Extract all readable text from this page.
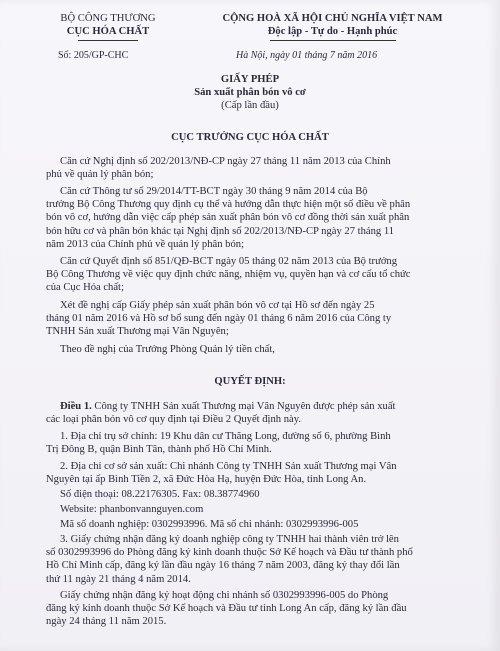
BỘ CÔNG THƯƠNG
CỤC HÓA CHẤT
Số: 205/GP-CHC
CỘNG HOÀ XÃ HỘI CHỦ NGHĨA VIỆT NAM
Độc lập - Tự do - Hạnh phúc
Hà Nội, ngày 01 tháng 7 năm 2016
GIẤY PHÉP
Sản xuất phân bón vô cơ
(Cấp lần đầu)
CỤC TRƯỞNG CỤC HÓA CHẤT
Căn cứ Nghị định số 202/2013/NĐ-CP ngày 27 tháng 11 năm 2013 của Chính
phủ về quản lý phân bón;
Căn cứ Thông tư số 29/2014/TT-BCT ngày 30 tháng 9 năm 2014 của Bộ
trưởng Bộ Công Thương quy định cụ thể và hướng dẫn thực hiện một số điều về phân
bón vô cơ, hướng dẫn việc cấp phép sản xuất phân bón vô cơ đồng thời sản xuất phân
bón hữu cơ và phân bón khác tại Nghị định số 202/2013/NĐ-CP ngày 27 tháng 11
năm 2013 của Chính phủ về quản lý phân bón;
Căn cứ Quyết định số 851/QĐ-BCT ngày 05 tháng 02 năm 2013 của Bộ trưởng
Bộ Công Thương về việc quy định chức năng, nhiệm vụ, quyền hạn và cơ cấu tổ chức
của Cục Hóa chất;
Xét đề nghị cấp Giấy phép sản xuất phân bón vô cơ tại Hồ sơ đến ngày 25
tháng 01 năm 2016 và Hồ sơ bổ sung đến ngày 01 tháng 6 năm 2016 của Công ty
TNHH Sản xuất Thương mại Vân Nguyên;
Theo đề nghị của Trưởng Phòng Quản lý tiền chất,
QUYẾT ĐỊNH:
Điều 1. Công ty TNHH Sản xuất Thương mại Vân Nguyên được phép sản xuất
các loại phân bón vô cơ quy định tại Điều 2 Quyết định này.
1. Địa chỉ trụ sở chính: 19 Khu dân cư Thăng Long, đường số 6, phường Bình
Trị Đông B, quận Bình Tân, thành phố Hồ Chí Minh.
2. Địa chỉ cơ sở sản xuất: Chi nhánh Công ty TNHH Sản xuất Thương mại Vân
Nguyên tại ấp Bình Tiền 2, xã Đức Hòa Hạ, huyện Đức Hòa, tỉnh Long An.
Số điện thoại: 08.22176305. Fax: 08.38774960
Website: phanbonvannguyen.com
Mã số doanh nghiệp: 0302993996. Mã số chi nhánh: 0302993996-005
3. Giấy chứng nhận đăng ký doanh nghiệp công ty TNHH hai thành viên trở lên
số 0302993996 do Phòng đăng ký kinh doanh thuộc Sở Kế hoạch và Đầu tư thành phố
Hồ Chí Minh cấp, đăng ký lần đầu ngày 16 tháng 7 năm 2003, đăng ký thay đổi lần
thứ 11 ngày 21 tháng 4 năm 2014.
Giấy chứng nhận đăng ký hoạt động chi nhánh số 0302993996-005 do Phòng
đăng ký kinh doanh thuộc Sở Kế hoạch và Đầu tư tỉnh Long An cấp, đăng ký lần đầu
ngày 24 tháng 11 năm 2015.
